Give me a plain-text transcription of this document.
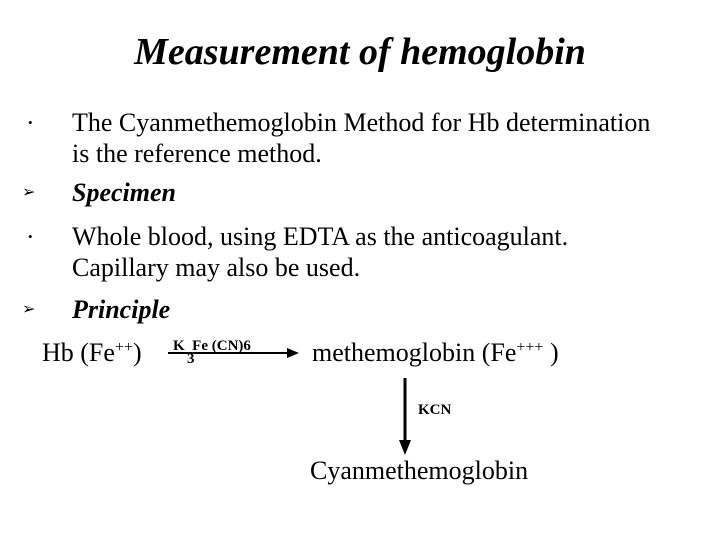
Measurement of hemoglobin
• The Cyanmethemoglobin Method for Hb determination
is the reference method.
➢ Specimen
• Whole blood, using EDTA as the anticoagulant.
Capillary may also be used.
➢ Principle
Hb (Fe++) K Fe (CN)6
3	methemoglobin (Fe+++ )
KCN
Cyanmethemoglobin
